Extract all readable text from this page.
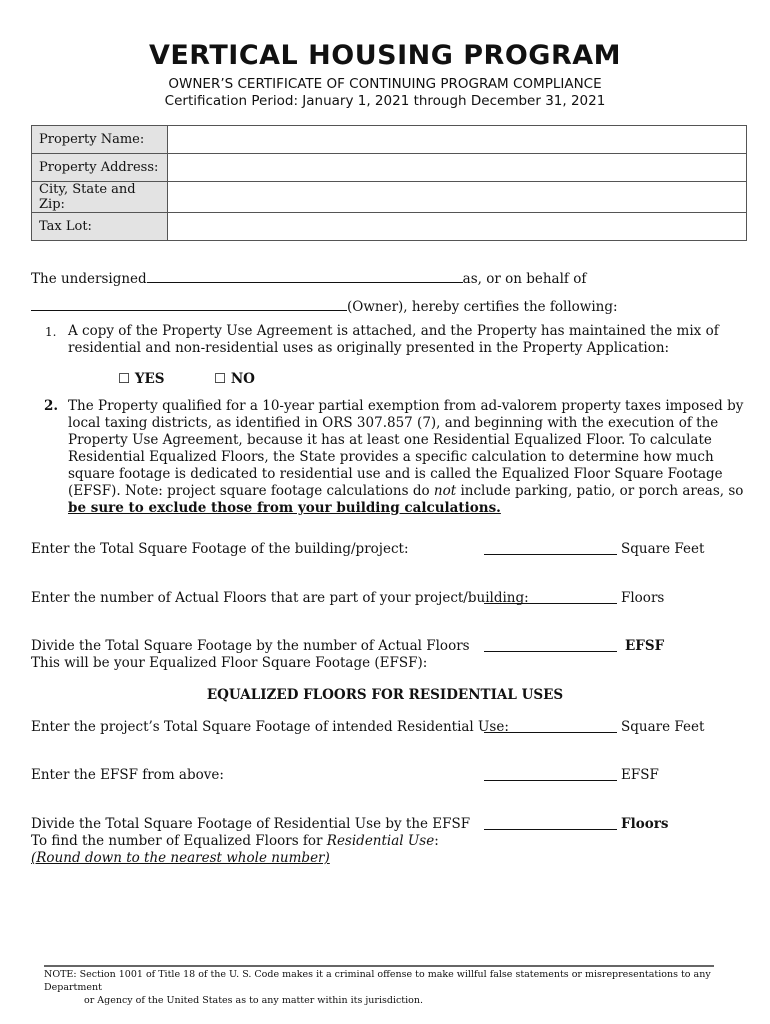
VERTICAL HOUSING PROGRAM
OWNER’S CERTIFICATE OF CONTINUING PROGRAM COMPLIANCE
Certification Period: January 1, 2021 through December 31, 2021
Property Name:	
Property Address:	
City, State and Zip:	
Tax Lot:	
The undersigned	as, or on behalf of
(Owner), hereby certifies the following:
1. A copy of the Property Use Agreement is attached, and the Property has maintained the mix of residential and non-residential uses as originally presented in the Property Application:
☐ YES	☐ NO
2. The Property qualified for a 10-year partial exemption from ad-valorem property taxes imposed by local taxing districts, as identified in ORS 307.857 (7), and beginning with the execution of the Property Use Agreement, because it has at least one Residential Equalized Floor. To calculate Residential Equalized Floors, the State provides a specific calculation to determine how much square footage is dedicated to residential use and is called the Equalized Floor Square Footage (EFSF). Note: project square footage calculations do not include parking, patio, or porch areas, so be sure to exclude those from your building calculations.
Enter the Total Square Footage of the building/project:	Square Feet
Enter the number of Actual Floors that are part of your project/building:	Floors
Divide the Total Square Footage by the number of Actual Floors
This will be your Equalized Floor Square Footage (EFSF):
EFSF
EQUALIZED FLOORS FOR RESIDENTIAL USES
Enter the project’s Total Square Footage of intended Residential Use:	Square Feet
Enter the EFSF from above:	EFSF
Divide the Total Square Footage of Residential Use by the EFSF
To find the number of Equalized Floors for Residential Use:
(Round down to the nearest whole number)
Floors
NOTE: Section 1001 of Title 18 of the U. S. Code makes it a criminal offense to make willful false statements or misrepresentations to any Department
or Agency of the United States as to any matter within its jurisdiction.
